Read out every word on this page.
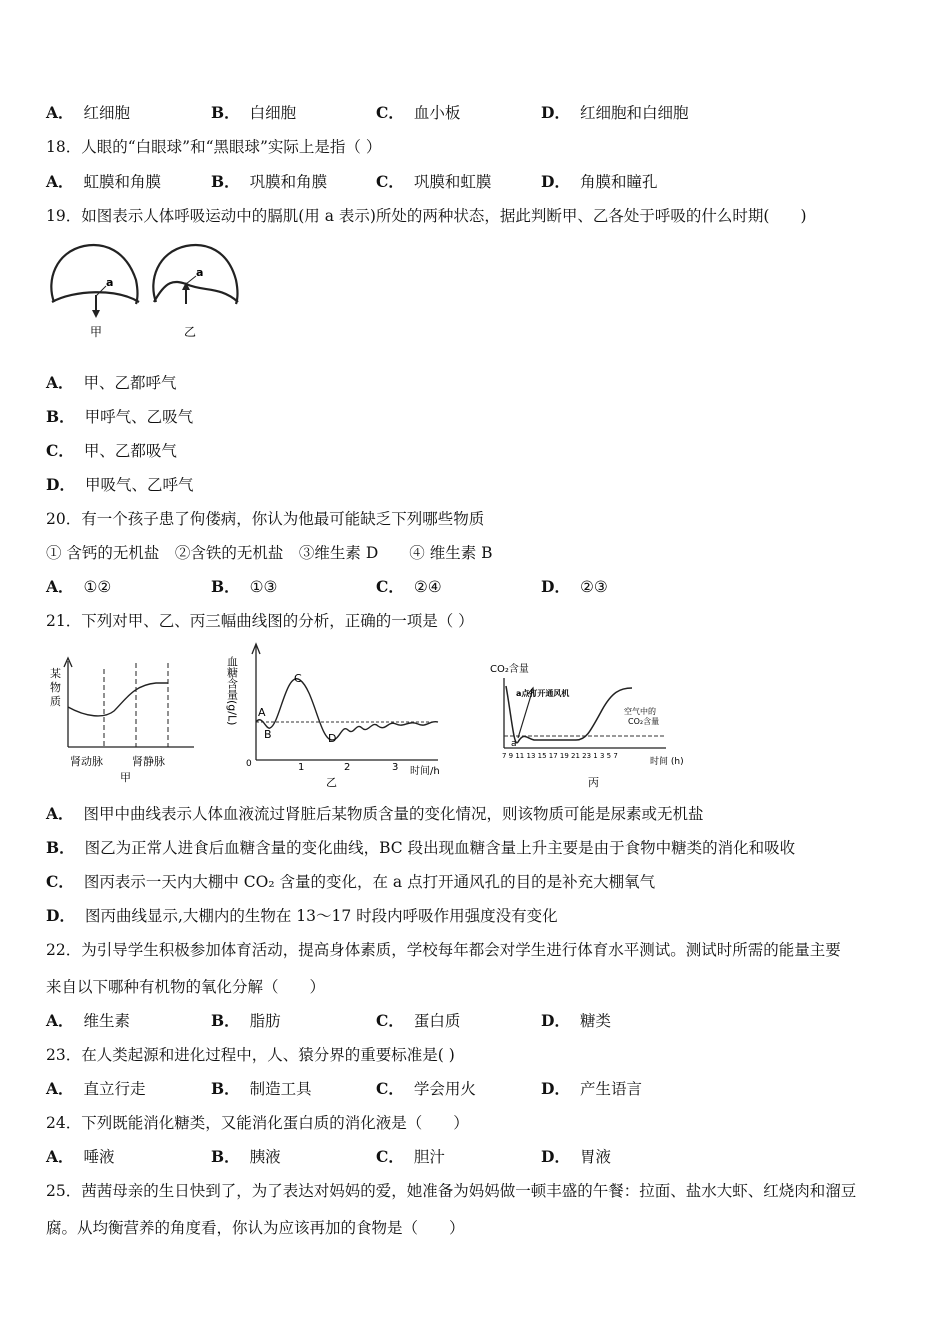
A． 红细胞	B． 白细胞	C． 血小板	D． 红细胞和白细胞
18．人眼的“白眼球”和“黑眼球”实际上是指（ ）
A． 虹膜和角膜	B． 巩膜和角膜	C． 巩膜和虹膜	D． 角膜和瞳孔
19．如图表示人体呼吸运动中的膈肌(用 a 表示)所处的两种状态，据此判断甲、乙各处于呼吸的什么时期(　　)
a
甲
a
乙
A． 甲、乙都呼气
B． 甲呼气、乙吸气
C． 甲、乙都吸气
D． 甲吸气、乙呼气
20．有一个孩子患了佝偻病，你认为他最可能缺乏下列哪些物质
① 含钙的无机盐　②含铁的无机盐　③维生素 D　　④ 维生素 B
A． ①②	B． ①③	C． ②④	D． ②③
21．下列对甲、乙、丙三幅曲线图的分析，正确的一项是（ ）
某
物
质
肾动脉	肾静脉
甲
血糖含量(g/L) A
B
C
D
0	1	2	3 时间/h
乙
CO₂含量
a点打开通风机
空气中的
CO₂含量
a
7 9 11 13 15 17 19 21 23 1 3 5 7
时间 (h)
丙
A． 图甲中曲线表示人体血液流过肾脏后某物质含量的变化情况，则该物质可能是尿素或无机盐
B． 图乙为正常人进食后血糖含量的变化曲线，BC 段出现血糖含量上升主要是由于食物中糖类的消化和吸收
C． 图丙表示一天内大棚中 CO₂ 含量的变化，在 a 点打开通风孔的目的是补充大棚氧气
D． 图丙曲线显示,大棚内的生物在 13～17 时段内呼吸作用强度没有变化
22．为引导学生积极参加体育活动，提高身体素质，学校每年都会对学生进行体育水平测试。测试时所需的能量主要
来自以下哪种有机物的氧化分解（　　）
A． 维生素	B． 脂肪	C． 蛋白质	D． 糖类
23．在人类起源和进化过程中，人、猿分界的重要标准是( )
A． 直立行走	B． 制造工具	C． 学会用火	D． 产生语言
24．下列既能消化糖类，又能消化蛋白质的消化液是（　　）
A． 唾液	B． 胰液	C． 胆汁	D． 胃液
25．茜茜母亲的生日快到了，为了表达对妈妈的爱，她准备为妈妈做一顿丰盛的午餐：拉面、盐水大虾、红烧肉和溜豆
腐。从均衡营养的角度看，你认为应该再加的食物是（　　）
